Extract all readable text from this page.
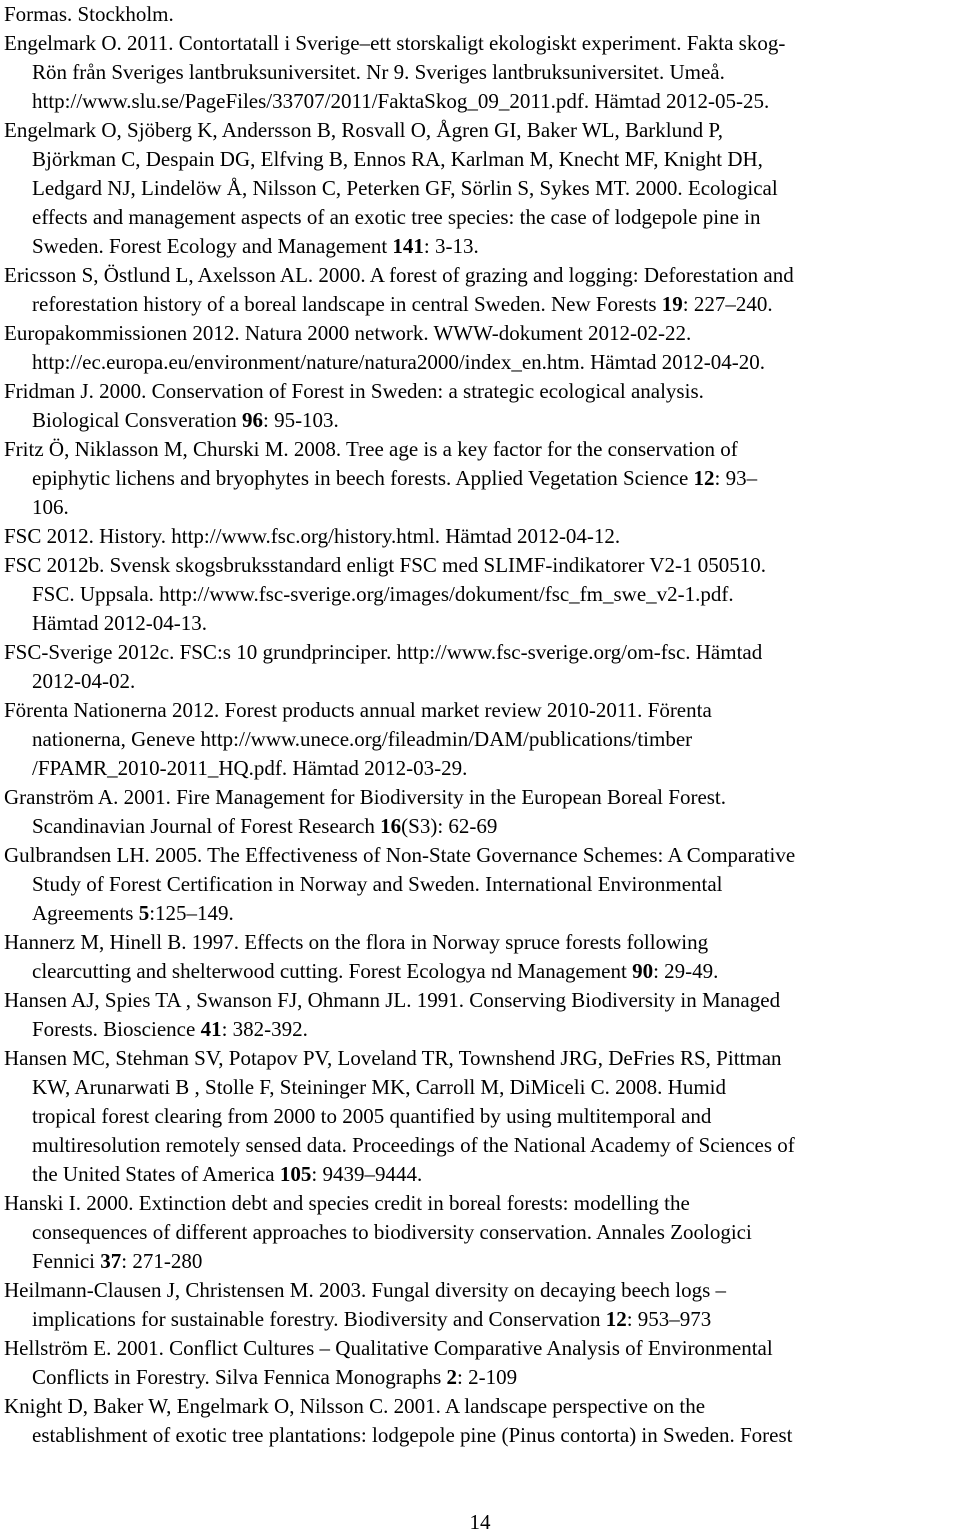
Formas. Stockholm.
Engelmark O. 2011. Contortatall i Sverige–ett storskaligt ekologiskt experiment. Fakta skog-
Rön från Sveriges lantbruksuniversitet. Nr 9. Sveriges lantbruksuniversitet. Umeå.
http://www.slu.se/PageFiles/33707/2011/FaktaSkog_09_2011.pdf. Hämtad 2012-05-25.
Engelmark O, Sjöberg K, Andersson B, Rosvall O, Ågren GI, Baker WL, Barklund P,
Björkman C, Despain DG, Elfving B, Ennos RA, Karlman M, Knecht MF, Knight DH,
Ledgard NJ, Lindelöw Å, Nilsson C, Peterken GF, Sörlin S, Sykes MT. 2000. Ecological
effects and management aspects of an exotic tree species: the case of lodgepole pine in
Sweden. Forest Ecology and Management 141: 3-13.
Ericsson S, Östlund L, Axelsson AL. 2000. A forest of grazing and logging: Deforestation and
reforestation history of a boreal landscape in central Sweden. New Forests 19: 227–240.
Europakommissionen 2012. Natura 2000 network. WWW-dokument 2012-02-22.
http://ec.europa.eu/environment/nature/natura2000/index_en.htm. Hämtad 2012-04-20.
Fridman J. 2000. Conservation of Forest in Sweden: a strategic ecological analysis.
Biological Consveration 96: 95-103.
Fritz Ö, Niklasson M, Churski M. 2008. Tree age is a key factor for the conservation of
epiphytic lichens and bryophytes in beech forests. Applied Vegetation Science 12: 93–
106.
FSC 2012. History. http://www.fsc.org/history.html. Hämtad 2012-04-12.
FSC 2012b. Svensk skogsbruksstandard enligt FSC med SLIMF-indikatorer V2-1 050510.
FSC. Uppsala. http://www.fsc-sverige.org/images/dokument/fsc_fm_swe_v2-1.pdf.
Hämtad 2012-04-13.
FSC-Sverige 2012c. FSC:s 10 grundprinciper. http://www.fsc-sverige.org/om-fsc. Hämtad
2012-04-02.
Förenta Nationerna 2012. Forest products annual market review 2010-2011. Förenta
nationerna, Geneve http://www.unece.org/fileadmin/DAM/publications/timber
/FPAMR_2010-2011_HQ.pdf. Hämtad 2012-03-29.
Granström A. 2001. Fire Management for Biodiversity in the European Boreal Forest.
Scandinavian Journal of Forest Research 16(S3): 62-69
Gulbrandsen LH. 2005. The Effectiveness of Non-State Governance Schemes: A Comparative
Study of Forest Certification in Norway and Sweden. International Environmental
Agreements 5:125–149.
Hannerz M, Hinell B. 1997. Effects on the flora in Norway spruce forests following
clearcutting and shelterwood cutting. Forest Ecologya nd Management 90: 29-49.
Hansen AJ, Spies TA , Swanson FJ, Ohmann JL. 1991. Conserving Biodiversity in Managed
Forests. Bioscience 41: 382-392.
Hansen MC, Stehman SV, Potapov PV, Loveland TR, Townshend JRG, DeFries RS, Pittman
KW, Arunarwati B , Stolle F, Steininger MK, Carroll M, DiMiceli C. 2008. Humid
tropical forest clearing from 2000 to 2005 quantified by using multitemporal and
multiresolution remotely sensed data. Proceedings of the National Academy of Sciences of
the United States of America 105: 9439–9444.
Hanski I. 2000. Extinction debt and species credit in boreal forests: modelling the
consequences of different approaches to biodiversity conservation. Annales Zoologici
Fennici 37: 271-280
Heilmann-Clausen J, Christensen M. 2003. Fungal diversity on decaying beech logs –
implications for sustainable forestry. Biodiversity and Conservation 12: 953–973
Hellström E. 2001. Conflict Cultures – Qualitative Comparative Analysis of Environmental
Conflicts in Forestry. Silva Fennica Monographs 2: 2-109
Knight D, Baker W, Engelmark O, Nilsson C. 2001. A landscape perspective on the
establishment of exotic tree plantations: lodgepole pine (Pinus contorta) in Sweden. Forest
14
